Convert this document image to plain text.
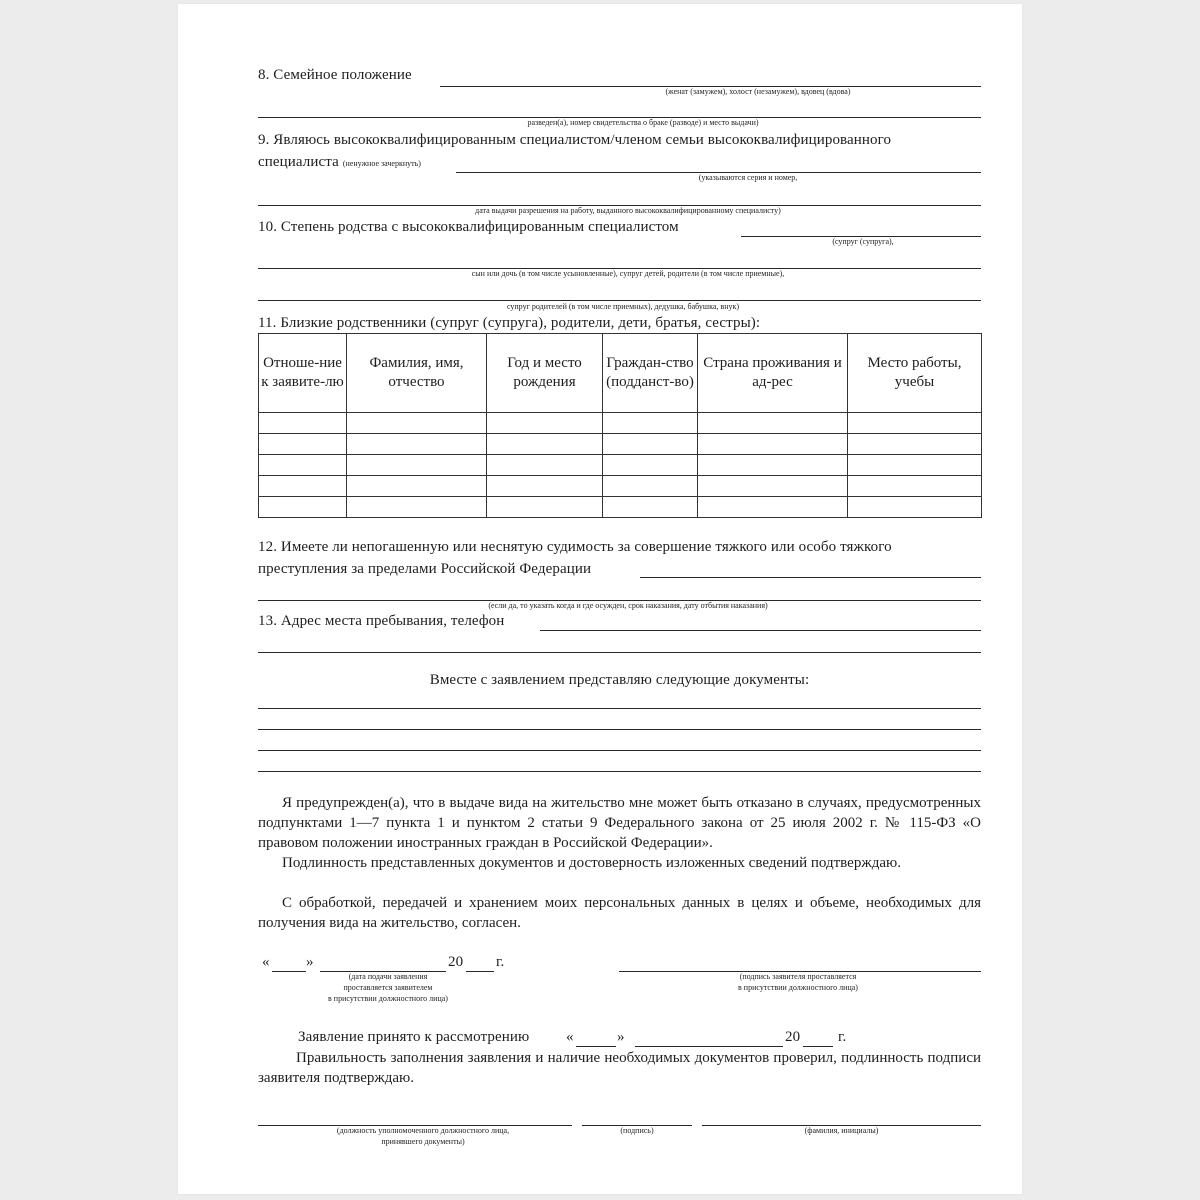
8. Семейное положение
(женат (замужем), холост (незамужем), вдовец (вдова)
разведен(а), номер свидетельства о браке (разводе) и место выдачи)
9. Являюсь высококвалифицированным специалистом/членом семьи высококвалифицированного
специалиста (ненужное зачеркнуть)
(указываются серия и номер,
дата выдачи разрешения на работу, выданного высококвалифицированному специалисту)
10. Степень родства с высококвалифицированным специалистом
(супруг (супруга),
сын или дочь (в том числе усыновленные), супруг детей, родители (в том числе приемные),
супруг родителей (в том числе приемных), дедушка, бабушка, внук)
11. Близкие родственники (супруг (супруга), родители, дети, братья, сестры):
Отноше-ние к заявите-лю	Фамилия, имя, отчество	Год и место рождения	Граждан-ство (подданст-во)	Страна проживания и ад-рес	Место работы, учебы

12. Имеете ли непогашенную или неснятую судимость за совершение тяжкого или особо тяжкого
преступления за пределами Российской Федерации
(если да, то указать когда и где осужден, срок наказания, дату отбытия наказания)
13. Адрес места пребывания, телефон
Вместе с заявлением представляю следующие документы:
Я предупрежден(а), что в выдаче вида на жительство мне может быть отказано в случаях, предусмотренных подпунктами 1—7 пункта 1 и пунктом 2 статьи 9 Федерального закона от 25 июля 2002 г. № 115-ФЗ «О правовом положении иностранных граждан в Российской Федерации».
Подлинность представленных документов и достоверность изложенных сведений подтверждаю.
С обработкой, передачей и хранением моих персональных данных в целях и объеме, необходимых для получения вида на жительство, согласен.
« »	20 г.
(дата подачи заявления
проставляется заявителем
в присутствии должностного лица)
(подпись заявителя проставляется
в присутствии должностного лица)
Заявление принято к рассмотрению «	»	20	г.
Правильность заполнения заявления и наличие необходимых документов проверил, подлинность подписи заявителя подтверждаю.
(должность уполномоченного должностного лица,
принявшего документы)
(подпись)	(фамилия, инициалы)
